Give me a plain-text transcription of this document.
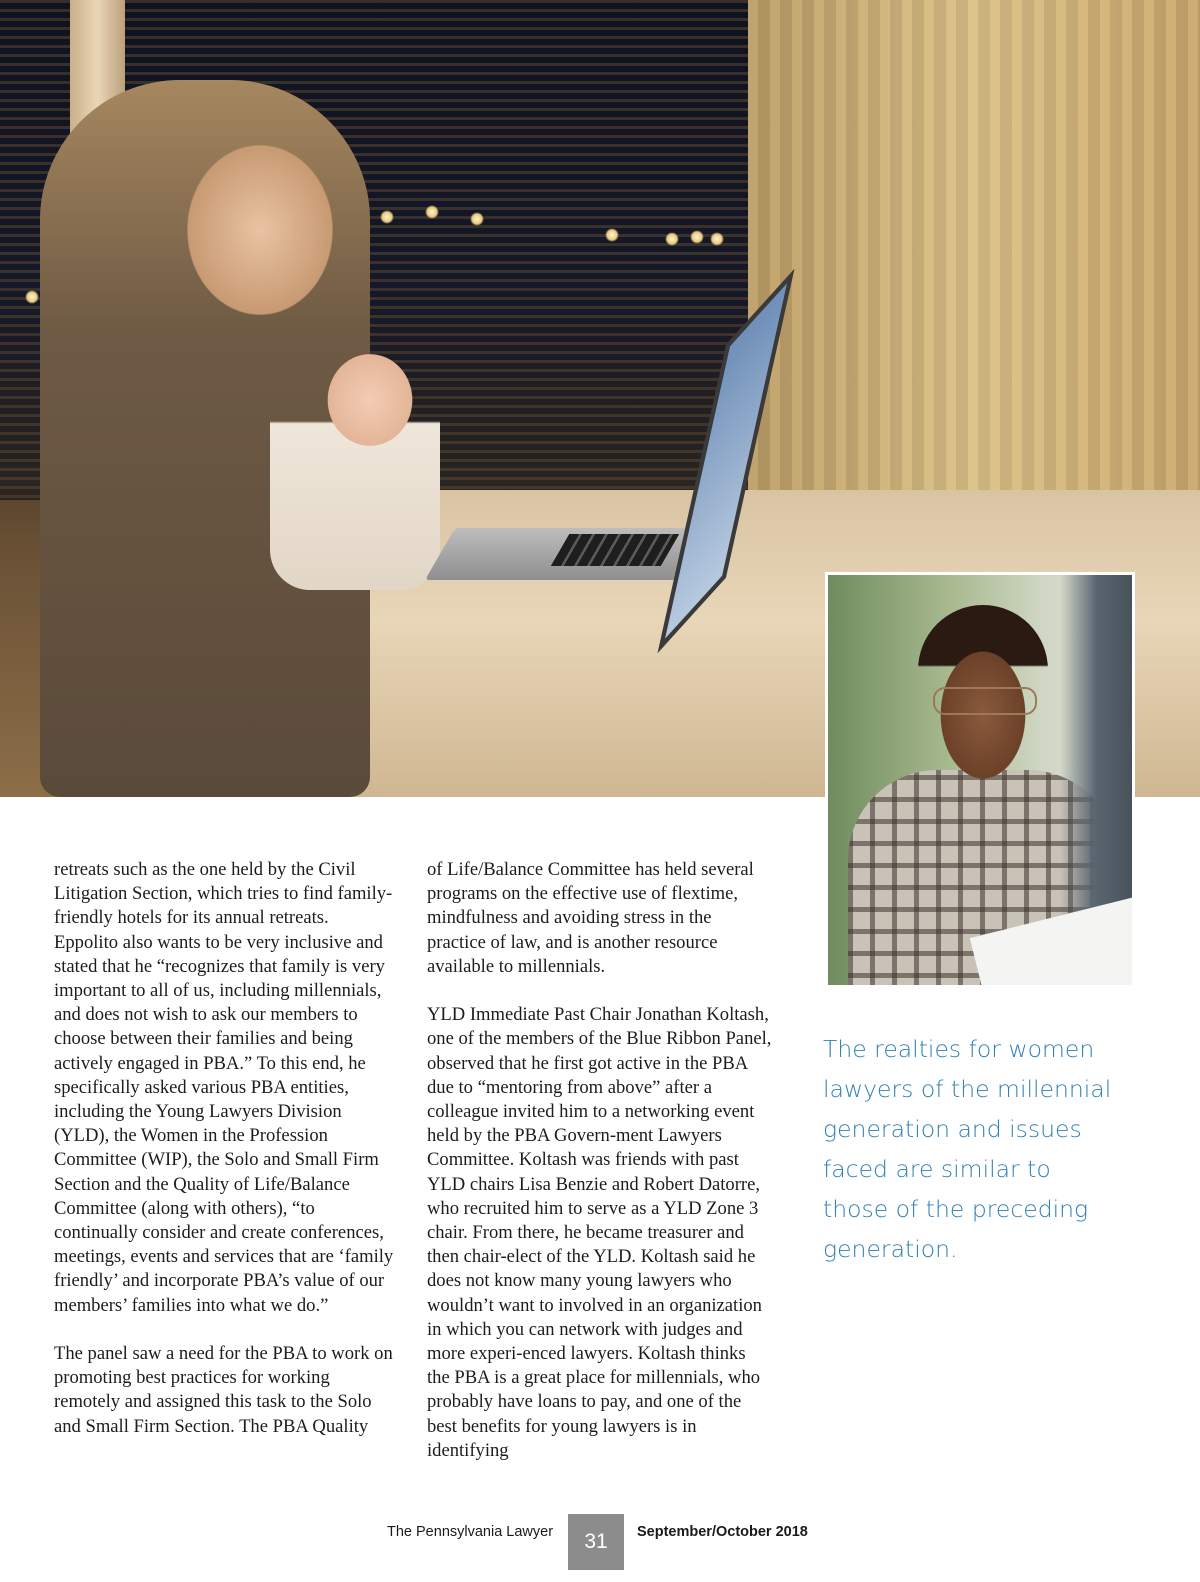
retreats such as the one held by the Civil Litigation Section, which tries to find family-friendly hotels for its annual retreats. Eppolito also wants to be very inclusive and stated that he “recognizes that family is very important to all of us, including millennials, and does not wish to ask our members to choose between their families and being actively engaged in PBA.” To this end, he specifically asked various PBA entities, including the Young Lawyers Division (YLD), the Women in the Profession Committee (WIP), the Solo and Small Firm Section and the Quality of Life/Balance Committee (along with others), “to continually consider and create conferences, meetings, events and services that are ‘family friendly’ and incorporate PBA’s value of our members’ families into what we do.”

The panel saw a need for the PBA to work on promoting best practices for working remotely and assigned this task to the Solo and Small Firm Section. The PBA Quality

of Life/Balance Committee has held several programs on the effective use of flextime, mindfulness and avoiding stress in the practice of law, and is another resource available to millennials.

YLD Immediate Past Chair Jonathan Koltash, one of the members of the Blue Ribbon Panel, observed that he first got active in the PBA due to “mentoring from above” after a colleague invited him to a networking event held by the PBA Govern-ment Lawyers Committee. Koltash was friends with past YLD chairs Lisa Benzie and Robert Datorre, who recruited him to serve as a YLD Zone 3 chair. From there, he became treasurer and then chair-elect of the YLD. Koltash said he does not know many young lawyers who wouldn’t want to involved in an organization in which you can network with judges and more experi-enced lawyers. Koltash thinks the PBA is a great place for millennials, who probably have loans to pay, and one of the best benefits for young lawyers is in identifying

The realties for women lawyers of the millennial generation and issues faced are similar to those of the preceding generation.
The Pennsylvania Lawyer	31	September/October 2018
